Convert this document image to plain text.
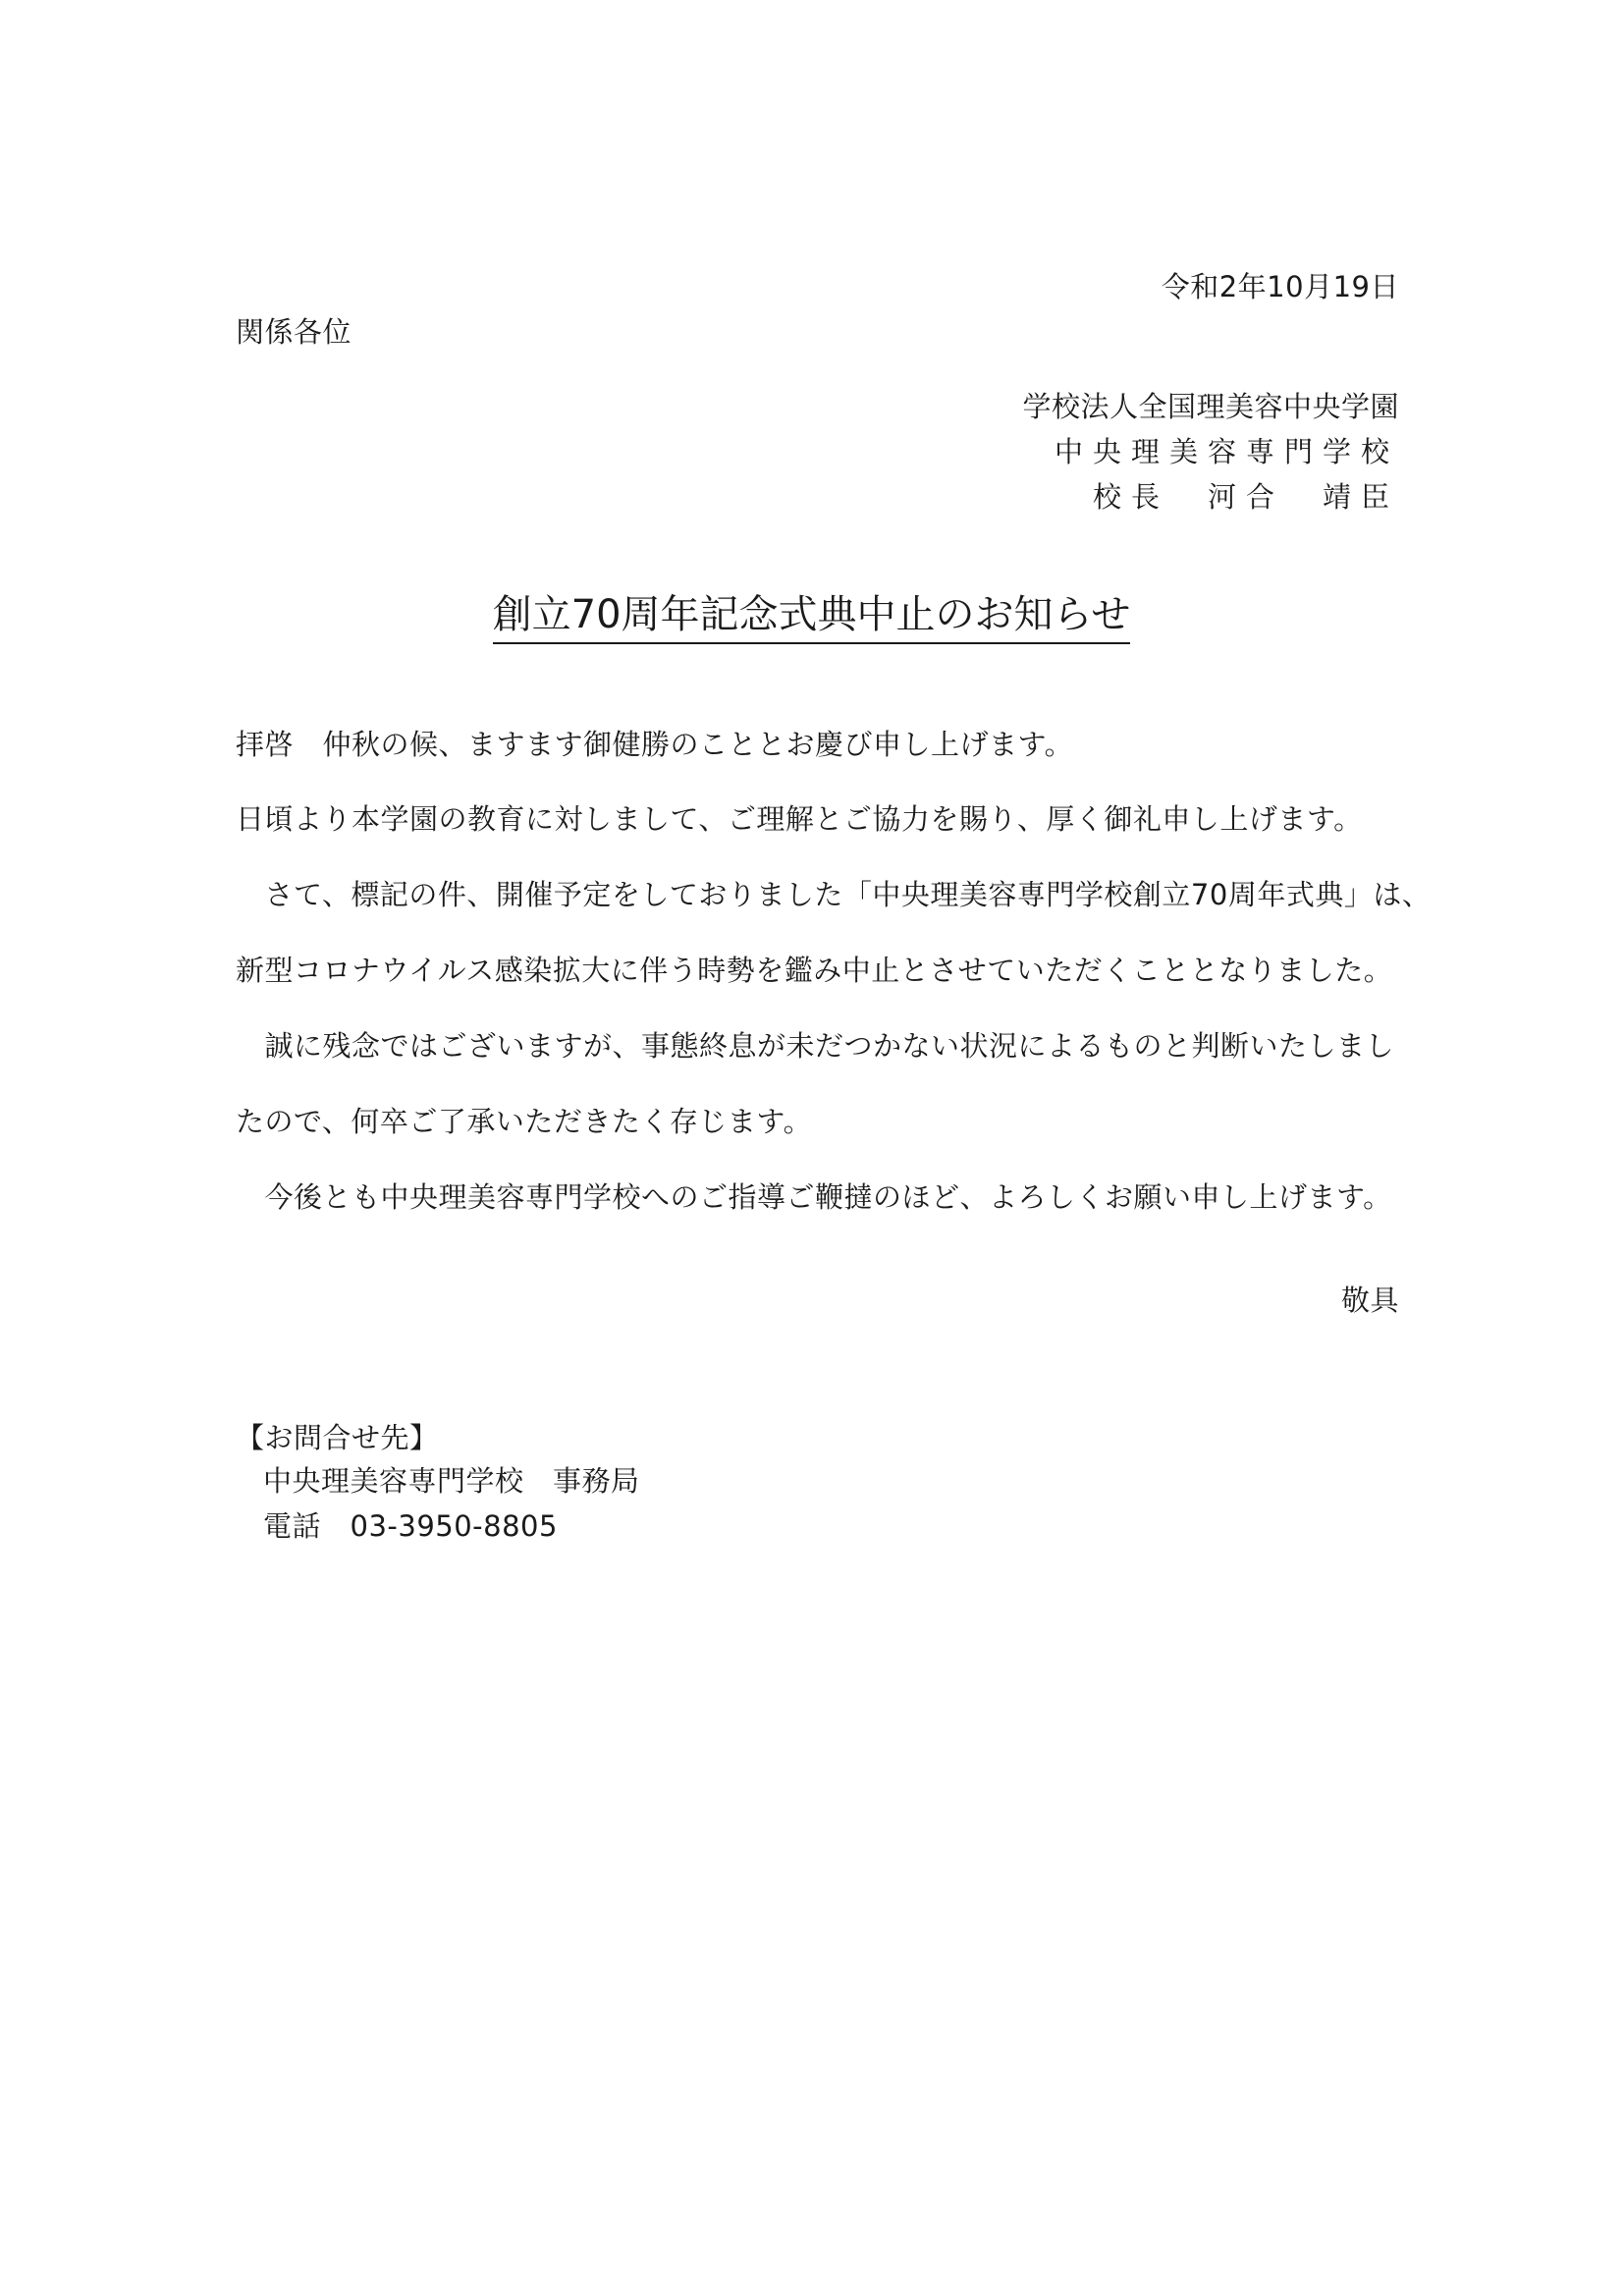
令和2年10月19日
関係各位
学校法人全国理美容中央学園
中央理美容専門学校
校長　河合　靖臣
創立70周年記念式典中止のお知らせ
拝啓　仲秋の候、ますます御健勝のこととお慶び申し上げます。
日頃より本学園の教育に対しまして、ご理解とご協力を賜り、厚く御礼申し上げます。
　さて、標記の件、開催予定をしておりました「中央理美容専門学校創立70周年式典」は、
新型コロナウイルス感染拡大に伴う時勢を鑑み中止とさせていただくこととなりました。
　誠に残念ではございますが、事態終息が未だつかない状況によるものと判断いたしまし
たので、何卒ご了承いただきたく存じます。
　今後とも中央理美容専門学校へのご指導ご鞭撻のほど、よろしくお願い申し上げます。
敬具
【お問合せ先】
中央理美容専門学校　事務局
電話　03-3950-8805
